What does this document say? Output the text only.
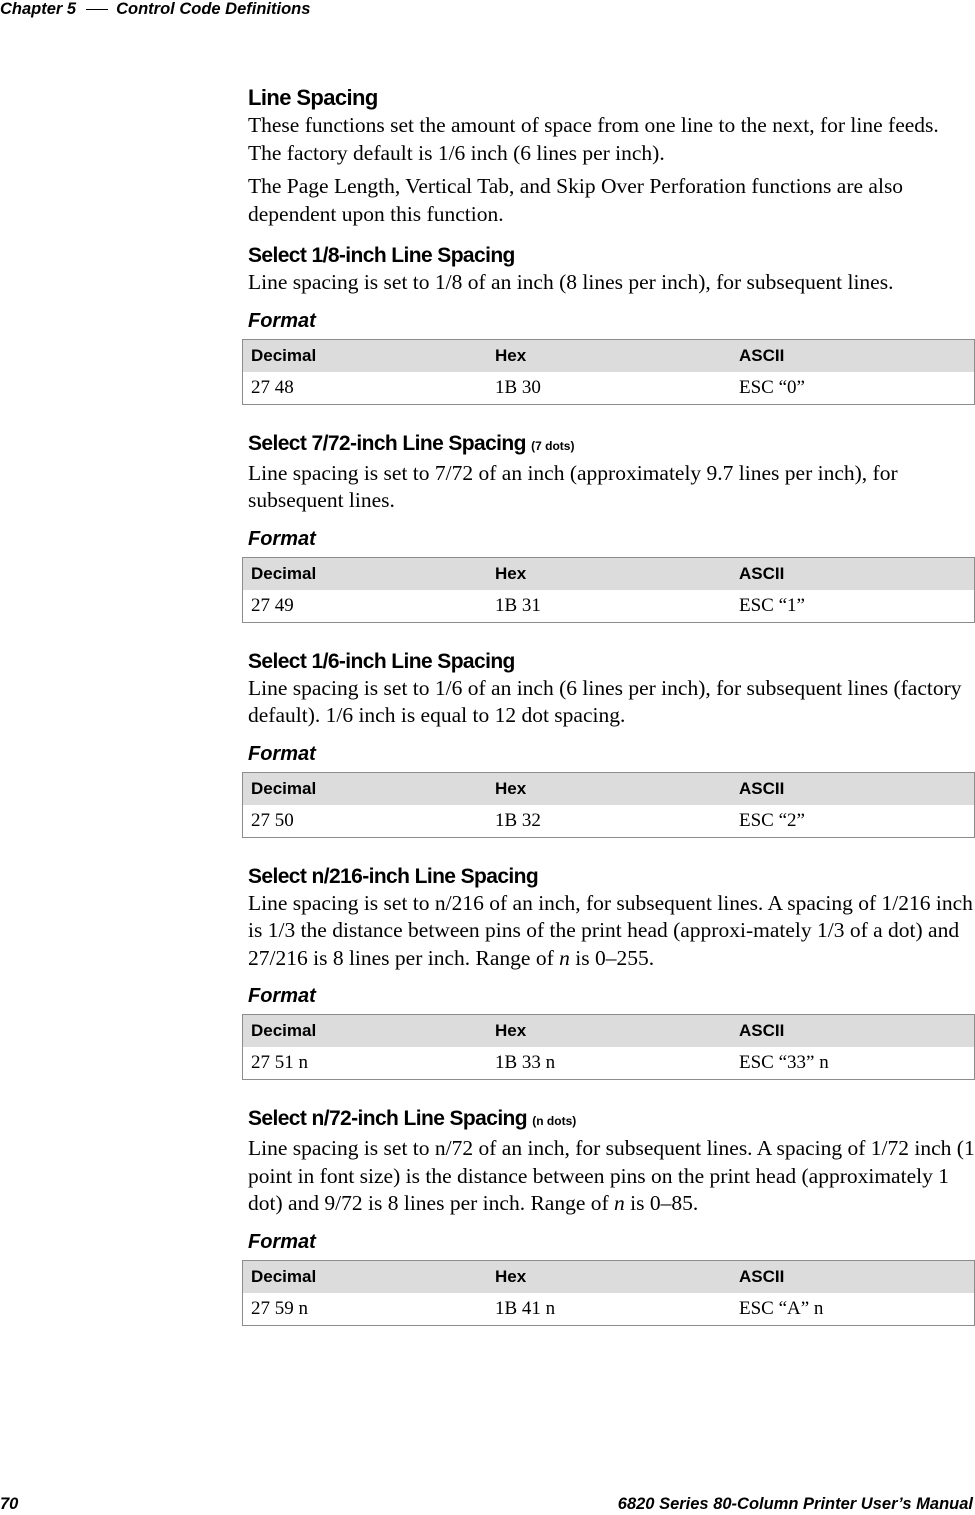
Chapter 5 Control Code Definitions
Line Spacing

These functions set the amount of space from one line to the next, for line feeds. The factory default is 1/6 inch (6 lines per inch).

The Page Length, Vertical Tab, and Skip Over Perforation functions are also dependent upon this function.

Select 1/8-inch Line Spacing

Line spacing is set to 1/8 of an inch (8 lines per inch), for subsequent lines.

Format
Decimal	Hex	ASCII
27 48	1B 30	ESC “0”
Select 7/72-inch Line Spacing (7 dots)

Line spacing is set to 7/72 of an inch (approximately 9.7 lines per inch), for subsequent lines.

Format
Decimal	Hex	ASCII
27 49	1B 31	ESC “1”
Select 1/6-inch Line Spacing

Line spacing is set to 1/6 of an inch (6 lines per inch), for subsequent lines (factory default). 1/6 inch is equal to 12 dot spacing.

Format
Decimal	Hex	ASCII
27 50	1B 32	ESC “2”
Select n/216-inch Line Spacing

Line spacing is set to n/216 of an inch, for subsequent lines. A spacing of 1/216 inch is 1/3 the distance between pins of the print head (approxi-mately 1/3 of a dot) and 27/216 is 8 lines per inch. Range of n is 0–255.

Format
Decimal	Hex	ASCII
27 51 n	1B 33 n	ESC “33” n
Select n/72-inch Line Spacing (n dots)

Line spacing is set to n/72 of an inch, for subsequent lines. A spacing of 1/72 inch (1 point in font size) is the distance between pins on the print head (approximately 1 dot) and 9/72 is 8 lines per inch. Range of n is 0–85.

Format
Decimal	Hex	ASCII
27 59 n	1B 41 n	ESC “A” n
70	6820 Series 80-Column Printer User’s Manual
